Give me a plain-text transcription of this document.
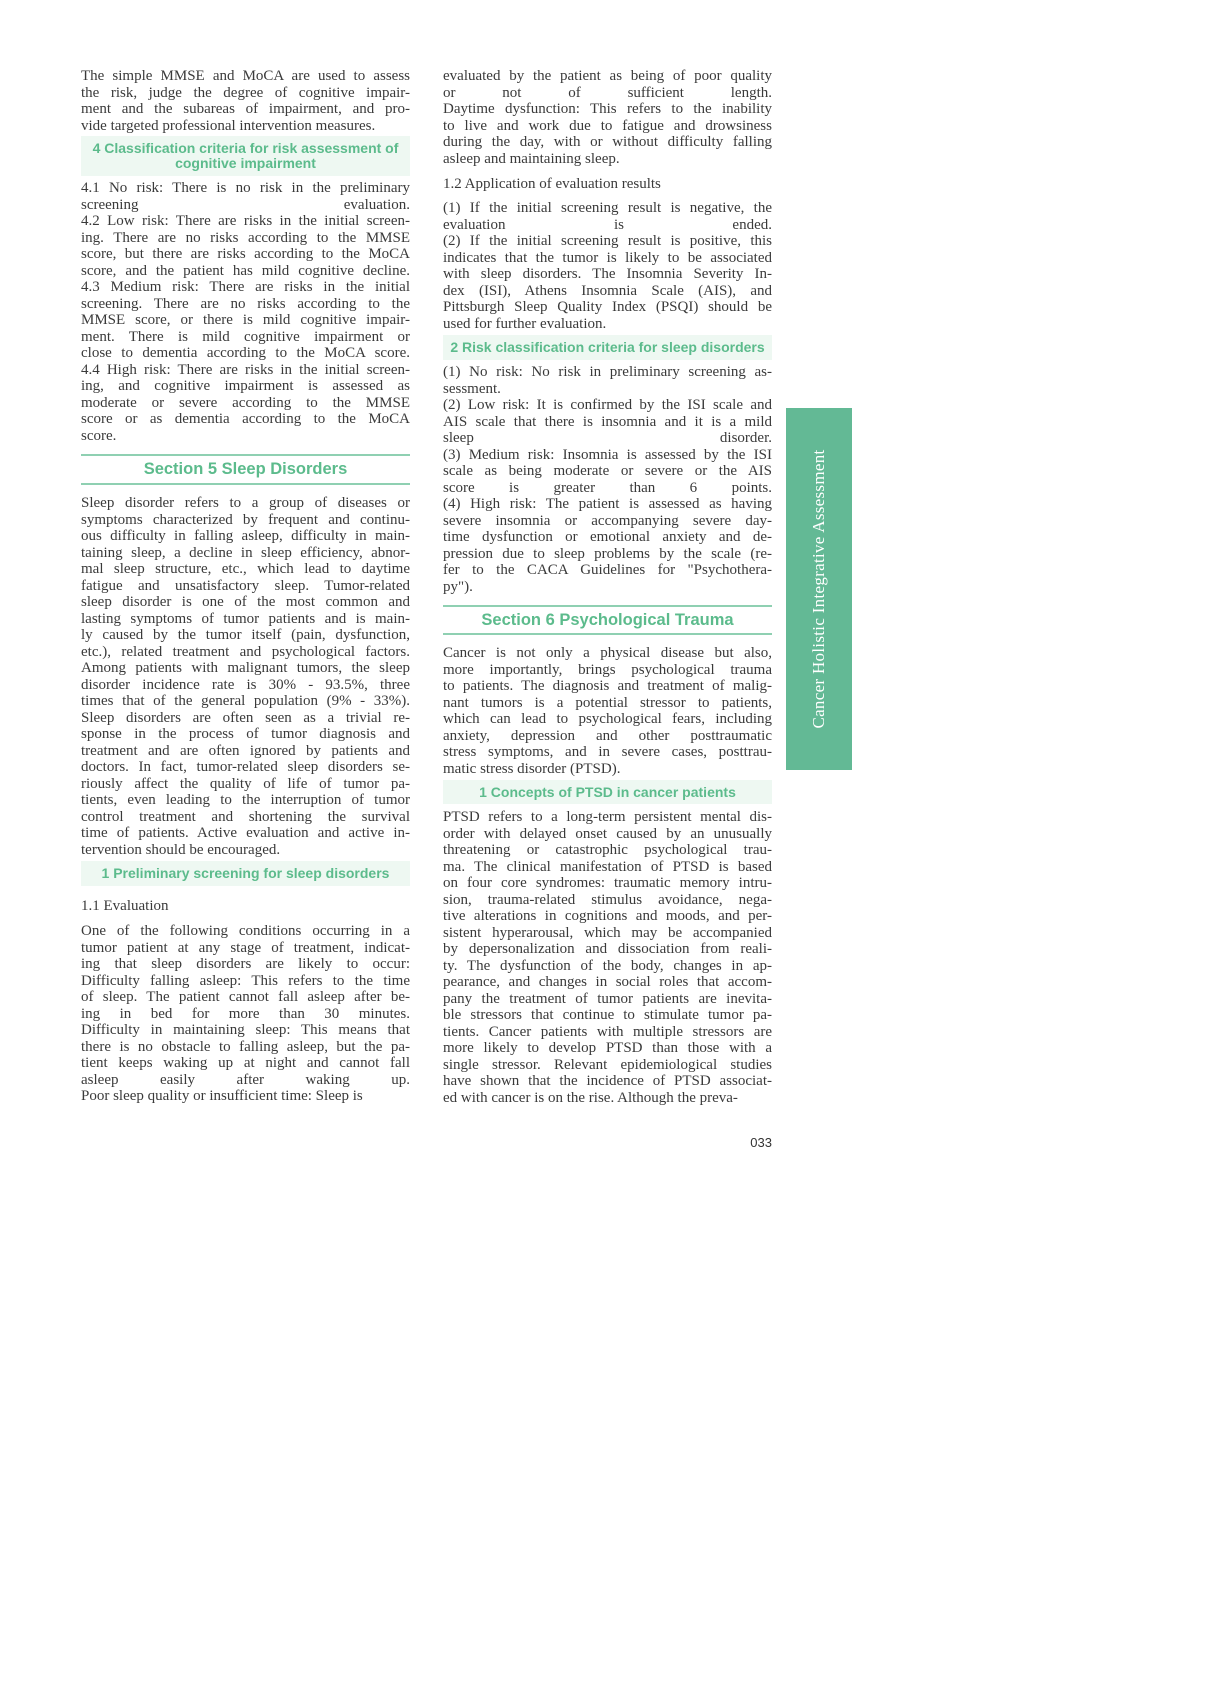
The simple MMSE and MoCA are used to assess
the risk, judge the degree of cognitive impair-
ment and the subareas of impairment, and pro-
vide targeted professional intervention measures.
4 Classification criteria for risk assessment of
cognitive impairment
4.1 No risk: There is no risk in the preliminary
screening evaluation.
4.2 Low risk: There are risks in the initial screen-
ing. There are no risks according to the MMSE
score, but there are risks according to the MoCA
score, and the patient has mild cognitive decline.
4.3 Medium risk: There are risks in the initial
screening. There are no risks according to the
MMSE score, or there is mild cognitive impair-
ment. There is mild cognitive impairment or
close to dementia according to the MoCA score.
4.4 High risk: There are risks in the initial screen-
ing, and cognitive impairment is assessed as
moderate or severe according to the MMSE
score or as dementia according to the MoCA
score.
Section 5 Sleep Disorders
Sleep disorder refers to a group of diseases or
symptoms characterized by frequent and continu-
ous difficulty in falling asleep, difficulty in main-
taining sleep, a decline in sleep efficiency, abnor-
mal sleep structure, etc., which lead to daytime
fatigue and unsatisfactory sleep. Tumor-related
sleep disorder is one of the most common and
lasting symptoms of tumor patients and is main-
ly caused by the tumor itself (pain, dysfunction,
etc.), related treatment and psychological factors.
Among patients with malignant tumors, the sleep
disorder incidence rate is 30% - 93.5%, three
times that of the general population (9% - 33%).
Sleep disorders are often seen as a trivial re-
sponse in the process of tumor diagnosis and
treatment and are often ignored by patients and
doctors. In fact, tumor-related sleep disorders se-
riously affect the quality of life of tumor pa-
tients, even leading to the interruption of tumor
control treatment and shortening the survival
time of patients. Active evaluation and active in-
tervention should be encouraged.
1 Preliminary screening for sleep disorders
1.1 Evaluation
One of the following conditions occurring in a
tumor patient at any stage of treatment, indicat-
ing that sleep disorders are likely to occur:
Difficulty falling asleep: This refers to the time
of sleep. The patient cannot fall asleep after be-
ing in bed for more than 30 minutes.
Difficulty in maintaining sleep: This means that
there is no obstacle to falling asleep, but the pa-
tient keeps waking up at night and cannot fall
asleep easily after waking up.
Poor sleep quality or insufficient time: Sleep is
evaluated by the patient as being of poor quality
or not of sufficient length.
Daytime dysfunction: This refers to the inability
to live and work due to fatigue and drowsiness
during the day, with or without difficulty falling
asleep and maintaining sleep.
1.2 Application of evaluation results
(1) If the initial screening result is negative, the
evaluation is ended.
(2) If the initial screening result is positive, this
indicates that the tumor is likely to be associated
with sleep disorders. The Insomnia Severity In-
dex (ISI), Athens Insomnia Scale (AIS), and
Pittsburgh Sleep Quality Index (PSQI) should be
used for further evaluation.
2 Risk classification criteria for sleep disorders
(1) No risk: No risk in preliminary screening as-
sessment.
(2) Low risk: It is confirmed by the ISI scale and
AIS scale that there is insomnia and it is a mild
sleep disorder.
(3) Medium risk: Insomnia is assessed by the ISI
scale as being moderate or severe or the AIS
score is greater than 6 points.
(4) High risk: The patient is assessed as having
severe insomnia or accompanying severe day-
time dysfunction or emotional anxiety and de-
pression due to sleep problems by the scale (re-
fer to the CACA Guidelines for "Psychothera-
py").
Section 6 Psychological Trauma
Cancer is not only a physical disease but also,
more importantly, brings psychological trauma
to patients. The diagnosis and treatment of malig-
nant tumors is a potential stressor to patients,
which can lead to psychological fears, including
anxiety, depression and other posttraumatic
stress symptoms, and in severe cases, posttrau-
matic stress disorder (PTSD).
1 Concepts of PTSD in cancer patients
PTSD refers to a long-term persistent mental dis-
order with delayed onset caused by an unusually
threatening or catastrophic psychological trau-
ma. The clinical manifestation of PTSD is based
on four core syndromes: traumatic memory intru-
sion, trauma-related stimulus avoidance, nega-
tive alterations in cognitions and moods, and per-
sistent hyperarousal, which may be accompanied
by depersonalization and dissociation from reali-
ty. The dysfunction of the body, changes in ap-
pearance, and changes in social roles that accom-
pany the treatment of tumor patients are inevita-
ble stressors that continue to stimulate tumor pa-
tients. Cancer patients with multiple stressors are
more likely to develop PTSD than those with a
single stressor. Relevant epidemiological studies
have shown that the incidence of PTSD associat-
ed with cancer is on the rise. Although the preva-
033
Cancer Holistic Integrative Assessment
